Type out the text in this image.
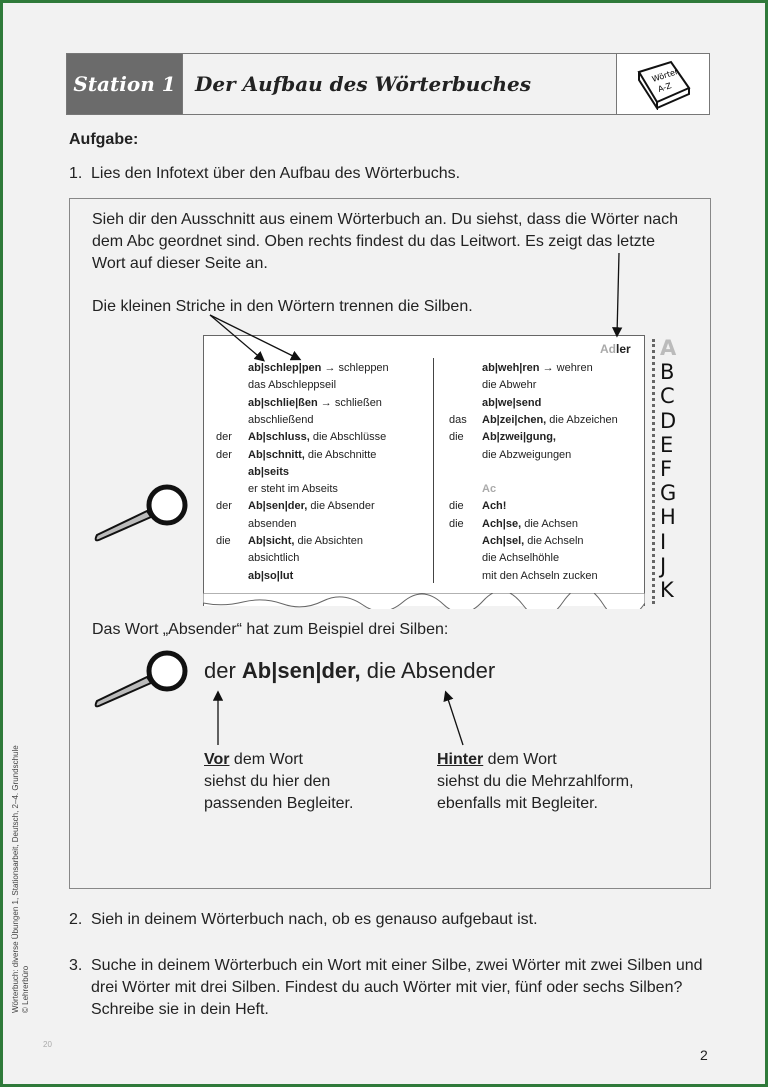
Station 1 Der Aufbau des Wörterbuches	Wörter
A-Z
Aufgabe:
1. Lies den Infotext über den Aufbau des Wörterbuchs.
Sieh dir den Ausschnitt aus einem Wörterbuch an. Du siehst, dass die Wörter nach dem Abc geordnet sind. Oben rechts findest du das Leitwort. Es zeigt das letzte Wort auf dieser Seite an.
Die kleinen Striche in den Wörtern trennen die Silben.
Das Wort „Absender“ hat zum Beispiel drei Silben:
Adler
ab|schlep|pen → schleppen
das Abschleppseil
ab|schlie|ßen → schließen
abschließend
der Ab|schluss, die Abschlüsse
der Ab|schnitt, die Abschnitte
ab|seits
er steht im Abseits
der Ab|sen|der, die Absender
absenden
die Ab|sicht, die Absichten
absichtlich
ab|so|lut
ab|weh|ren → wehren
die Abwehr
ab|we|send
das Ab|zei|chen, die Abzeichen
die Ab|zwei|gung,
die Abzweigungen
Ac
die Ach!
die Ach|se, die Achsen
Ach|sel, die Achseln
die Achselhöhle
mit den Achseln zucken
A
B
C
D
E
F
G
H
I
J
K
der Ab|sen|der, die Absender
Vor dem Wort
siehst du hier den
passenden Begleiter.
Hinter dem Wort
siehst du die Mehrzahlform,
ebenfalls mit Begleiter.
2. Sieh in deinem Wörterbuch nach, ob es genauso aufgebaut ist.
3. Suche in deinem Wörterbuch ein Wort mit einer Silbe, zwei Wörter mit zwei Silben und drei Wörter mit drei Silben. Findest du auch Wörter mit vier, fünf oder sechs Silben? Schreibe sie in dein Heft.
Wörterbuch: diverse Übungen 1, Stationsarbeit, Deutsch, 2–4. Grundschule © Lehrerbüro
20
2
